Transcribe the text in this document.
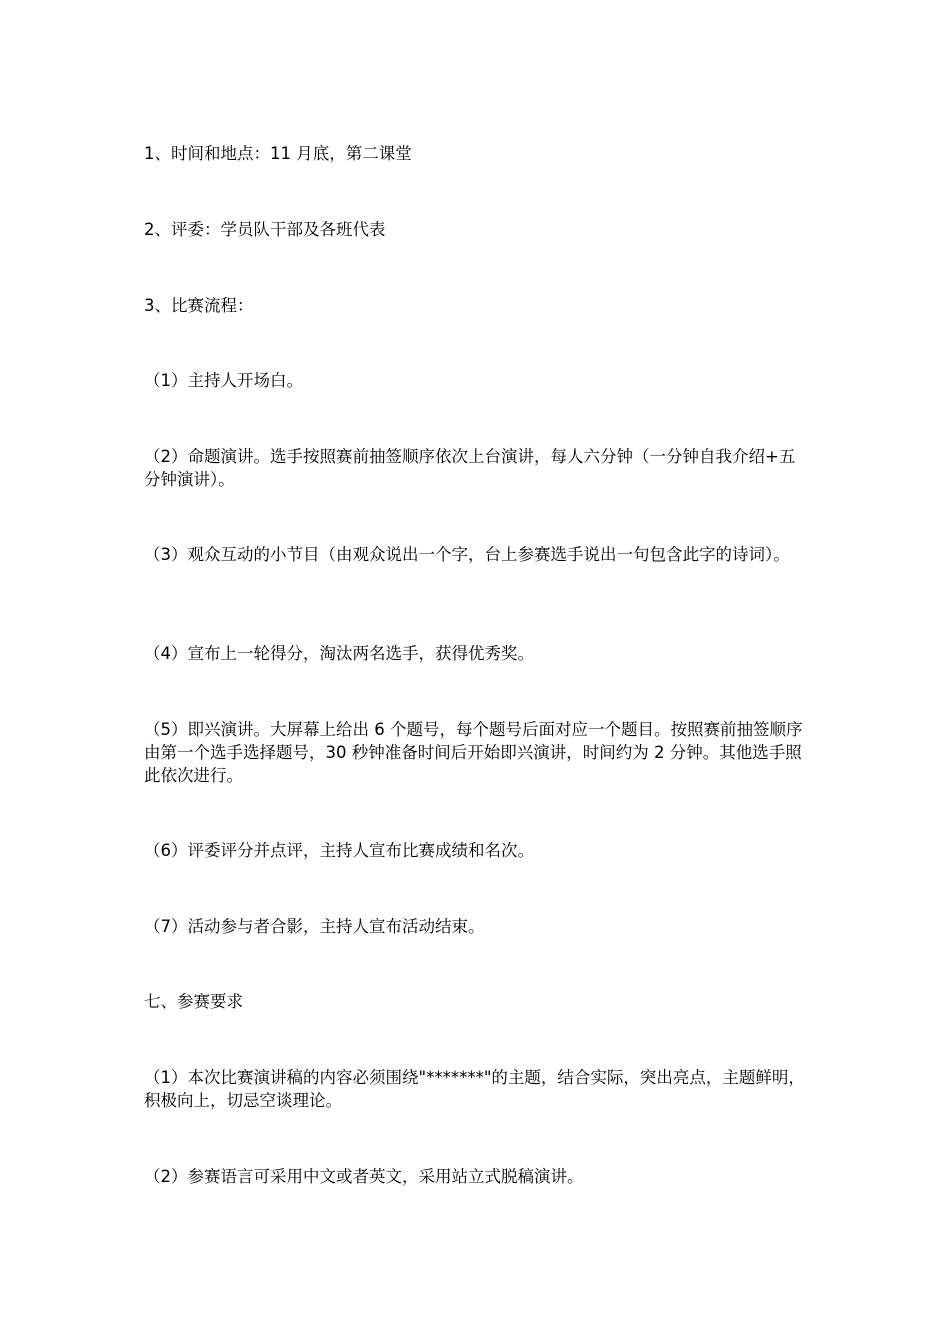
1、时间和地点：11 月底，第二课堂

2、评委：学员队干部及各班代表

3、比赛流程：

（1）主持人开场白。

（2）命题演讲。选手按照赛前抽签顺序依次上台演讲，每人六分钟（一分钟自我介绍+五分钟演讲）。

（3）观众互动的小节目（由观众说出一个字，台上参赛选手说出一句包含此字的诗词）。

（4）宣布上一轮得分，淘汰两名选手，获得优秀奖。

（5）即兴演讲。大屏幕上给出 6 个题号，每个题号后面对应一个题目。按照赛前抽签顺序由第一个选手选择题号，30 秒钟准备时间后开始即兴演讲，时间约为 2 分钟。其他选手照此依次进行。

（6）评委评分并点评，主持人宣布比赛成绩和名次。

（7）活动参与者合影，主持人宣布活动结束。

七、参赛要求

（1）本次比赛演讲稿的内容必须围绕"*******"的主题，结合实际，突出亮点，主题鲜明，积极向上，切忌空谈理论。

（2）参赛语言可采用中文或者英文，采用站立式脱稿演讲。
